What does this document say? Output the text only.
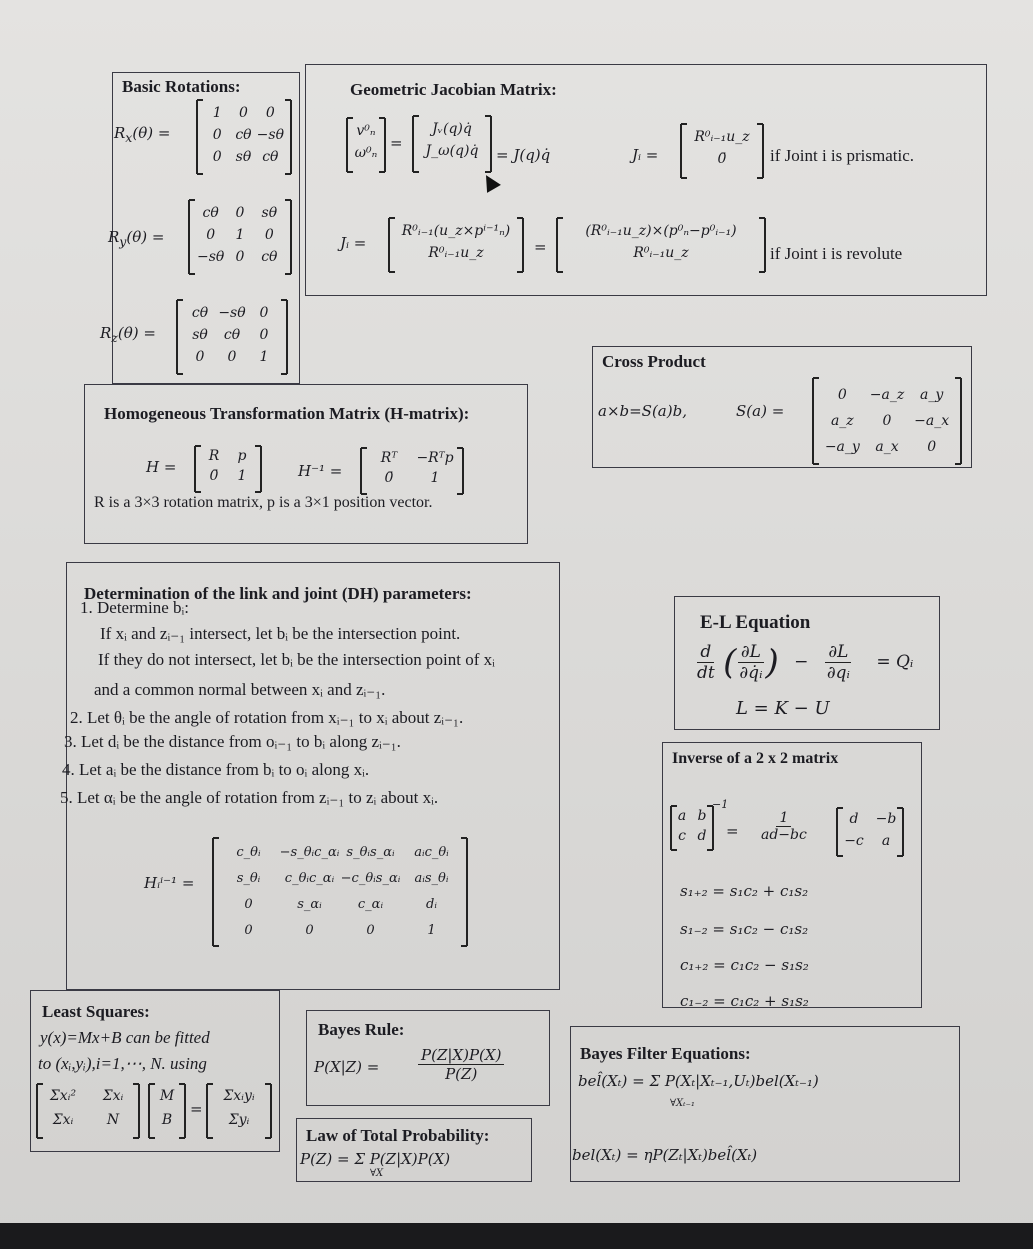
Basic Rotations:
$R_x(\theta)$ =
1	0	0
0 cθ −sθ
0	sθ cθ
$R_y(\theta)$ =
cθ	0	sθ
0	1	0
−sθ 0	cθ
$R_z(\theta)$ =
cθ −sθ 0
sθ	cθ	0
0	0	1
Geometric Jacobian Matrix:
v⁰ₙ
ω⁰ₙ
=
Jᵥ(q)q̇
J_ω(q)q̇	= J(q)q̇	Jᵢ =
R⁰ᵢ₋₁u_z
0̄	if Joint i is prismatic.
Jᵢ =
R⁰ᵢ₋₁(u_z×pⁱ⁻¹ₙ)
R⁰ᵢ₋₁u_z	=
(R⁰ᵢ₋₁u_z)×(p⁰ₙ−p⁰ᵢ₋₁)
R⁰ᵢ₋₁u_z	if Joint i is revolute
Cross Product
a×b=S(a)b,	S(a) =
0	−a_z	a_y
a_z	0	−a_x
−a_y	a_x	0
Homogeneous Transformation Matrix (H-matrix):
H =
R	p
0̄	1	H⁻¹ =
Rᵀ	−Rᵀp
0̄	1
R is a 3×3 rotation matrix, p is a 3×1 position vector.
Determination of the link and joint (DH) parameters:
1. Determine bᵢ:
If xᵢ and zᵢ₋₁ intersect, let bᵢ be the intersection point.
If they do not intersect, let bᵢ be the intersection point of xᵢ
and a common normal between xᵢ and zᵢ₋₁.
2. Let θᵢ be the angle of rotation from xᵢ₋₁ to xᵢ about zᵢ₋₁.
3. Let dᵢ be the distance from oᵢ₋₁ to bᵢ along zᵢ₋₁.
4. Let aᵢ be the distance from bᵢ to oᵢ along xᵢ.
5. Let αᵢ be the angle of rotation from zᵢ₋₁ to zᵢ about xᵢ.
Hᵢⁱ⁻¹ =
c_θᵢ	−s_θᵢc_αᵢ s_θᵢs_αᵢ	aᵢc_θᵢ
s_θᵢ	c_θᵢc_αᵢ −c_θᵢs_αᵢ	aᵢs_θᵢ
0	s_αᵢ	c_αᵢ	dᵢ
0	0	0	1
E-L Equation
$\frac{d}{dt}$ ( $\frac{\partial L}{\text{∂q̇ᵢ}}$ ) − $\frac{\partial L}{\text{∂qᵢ}}$ = Qᵢ
L = K − U
Inverse of a 2 x 2 matrix
a b
c d
−1
= $\frac{1}{ad-bc}$	d	−b
−c	a
s₁₊₂ = s₁c₂ + c₁s₂
s₁₋₂ = s₁c₂ − c₁s₂
c₁₊₂ = c₁c₂ − s₁s₂
c₁₋₂ = c₁c₂ + s₁s₂
Least Squares:
y(x)=Mx+B can be fitted
to (xᵢ,yᵢ),i=1,⋯, N. using
Σxᵢ²	Σxᵢ
Σxᵢ	N
M
B
=
Σxᵢyᵢ
Σyᵢ
Bayes Rule:
P(X|Z) =	$\frac{P(Z|X)P(X)}{P(Z)}$
Law of Total Probability:
P(Z) = Σ P(Z|X)P(X)
∀X
Bayes Filter Equations:
bel̂(Xₜ) = Σ P(Xₜ|Xₜ₋₁,Uₜ)bel(Xₜ₋₁)
∀Xₜ₋₁
bel(Xₜ) = ηP(Zₜ|Xₜ)bel̂(Xₜ)
